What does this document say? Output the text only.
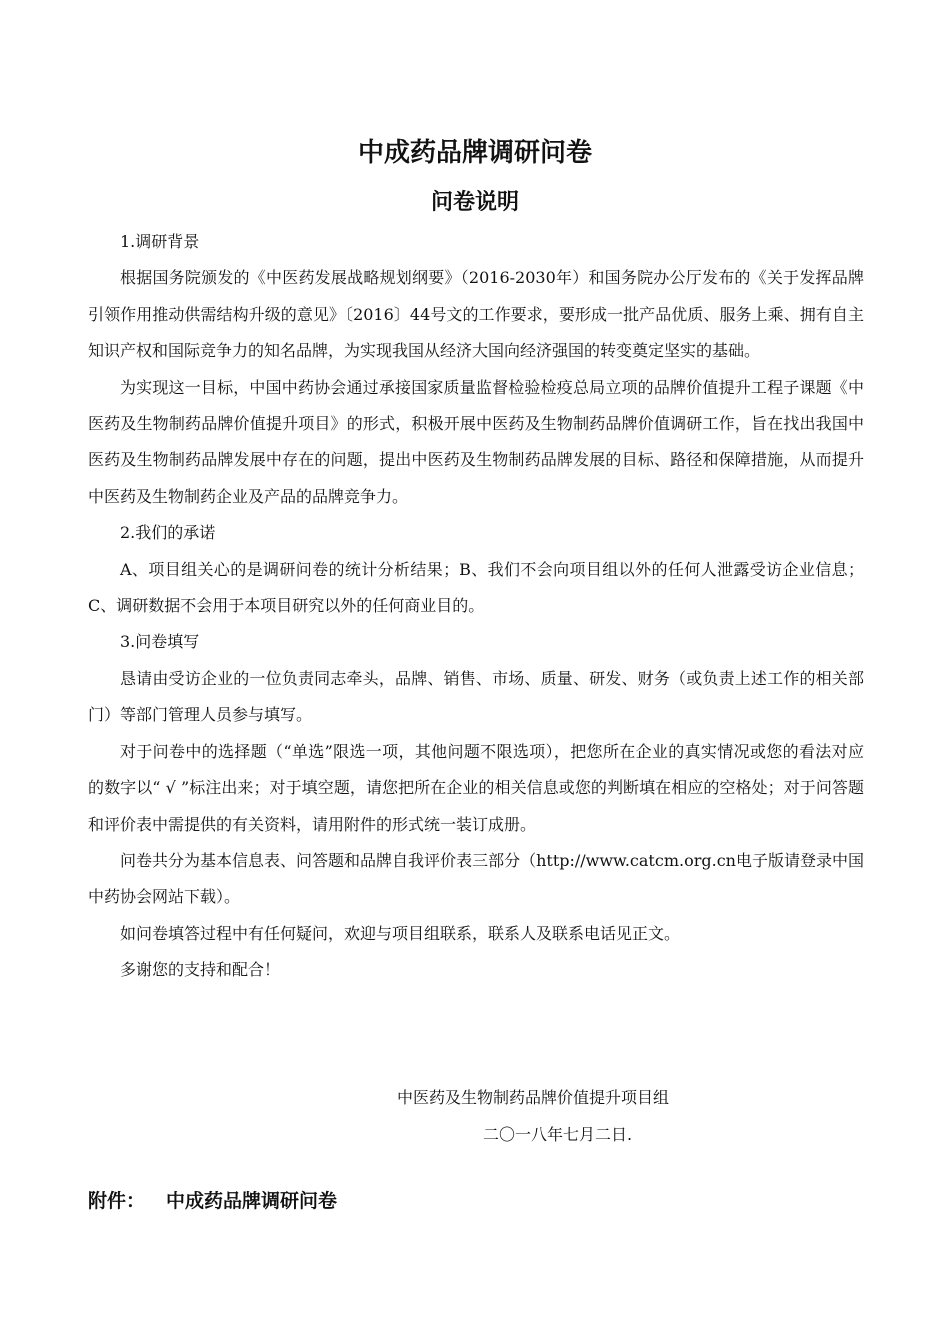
中成药品牌调研问卷
问卷说明

1.调研背景

根据国务院颁发的《中医药发展战略规划纲要》（2016-2030年）和国务院办公厅发布的《关于发挥品牌引领作用推动供需结构升级的意见》〔2016〕44号文的工作要求，要形成一批产品优质、服务上乘、拥有自主知识产权和国际竞争力的知名品牌，为实现我国从经济大国向经济强国的转变奠定坚实的基础。

为实现这一目标，中国中药协会通过承接国家质量监督检验检疫总局立项的品牌价值提升工程子课题《中医药及生物制药品牌价值提升项目》的形式，积极开展中医药及生物制药品牌价值调研工作，旨在找出我国中医药及生物制药品牌发展中存在的问题，提出中医药及生物制药品牌发展的目标、路径和保障措施，从而提升中医药及生物制药企业及产品的品牌竞争力。

2.我们的承诺

A、项目组关心的是调研问卷的统计分析结果；B、我们不会向项目组以外的任何人泄露受访企业信息；C、调研数据不会用于本项目研究以外的任何商业目的。

3.问卷填写

恳请由受访企业的一位负责同志牵头，品牌、销售、市场、质量、研发、财务（或负责上述工作的相关部门）等部门管理人员参与填写。

对于问卷中的选择题（“单选”限选一项，其他问题不限选项），把您所在企业的真实情况或您的看法对应的数字以“ √ ”标注出来；对于填空题，请您把所在企业的相关信息或您的判断填在相应的空格处；对于问答题和评价表中需提供的有关资料，请用附件的形式统一装订成册。

问卷共分为基本信息表、问答题和品牌自我评价表三部分（http://www.catcm.org.cn电子版请登录中国中药协会网站下载）。

如问卷填答过程中有任何疑问，欢迎与项目组联系，联系人及联系电话见正文。

多谢您的支持和配合！

中医药及生物制药品牌价值提升项目组
二〇一八年七月二日.
附件： 中成药品牌调研问卷
